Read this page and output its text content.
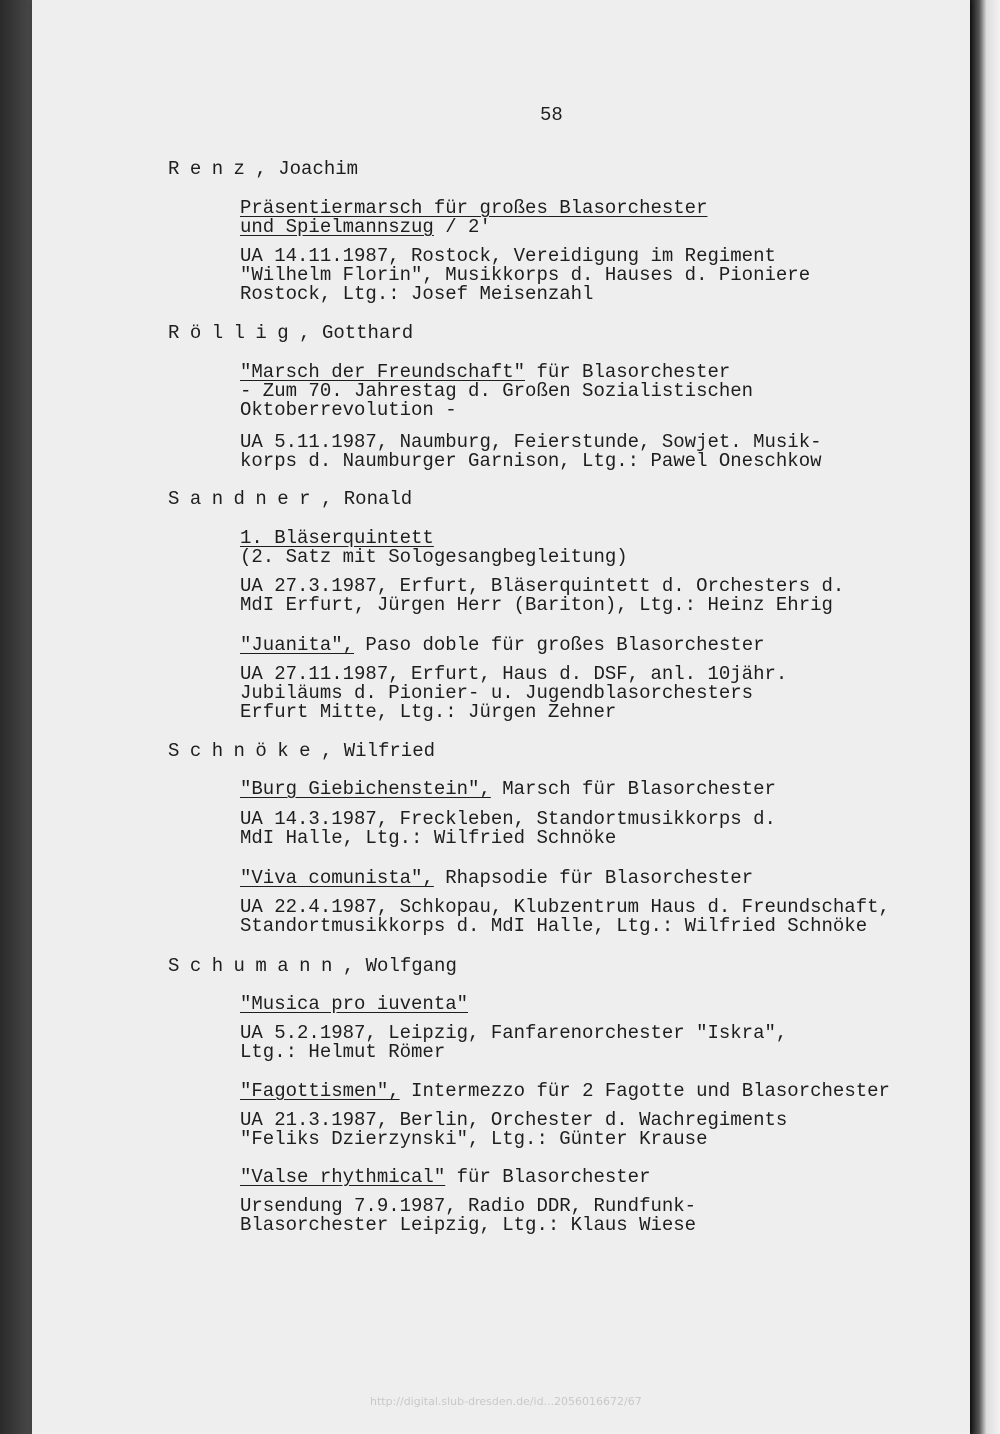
58
Renz, Joachim
Präsentiermarsch für großes Blasorchester
und Spielmannszug / 2'
UA 14.11.1987, Rostock, Vereidigung im Regiment
"Wilhelm Florin", Musikkorps d. Hauses d. Pioniere
Rostock, Ltg.: Josef Meisenzahl
Röllig, Gotthard
"Marsch der Freundschaft" für Blasorchester
- Zum 70. Jahrestag d. Großen Sozialistischen
Oktoberrevolution -
UA 5.11.1987, Naumburg, Feierstunde, Sowjet. Musik-
korps d. Naumburger Garnison, Ltg.: Pawel Oneschkow
Sandner, Ronald
1. Bläserquintett
(2. Satz mit Sologesangbegleitung)
UA 27.3.1987, Erfurt, Bläserquintett d. Orchesters d.
MdI Erfurt, Jürgen Herr (Bariton), Ltg.: Heinz Ehrig
"Juanita", Paso doble für großes Blasorchester
UA 27.11.1987, Erfurt, Haus d. DSF, anl. 10jähr.
Jubiläums d. Pionier- u. Jugendblasorchesters
Erfurt Mitte, Ltg.: Jürgen Zehner
Schnöke, Wilfried
"Burg Giebichenstein", Marsch für Blasorchester
UA 14.3.1987, Freckleben, Standortmusikkorps d.
MdI Halle, Ltg.: Wilfried Schnöke
"Viva comunista", Rhapsodie für Blasorchester
UA 22.4.1987, Schkopau, Klubzentrum Haus d. Freundschaft,
Standortmusikkorps d. MdI Halle, Ltg.: Wilfried Schnöke
Schumann, Wolfgang
"Musica pro iuventa"
UA 5.2.1987, Leipzig, Fanfarenorchester "Iskra",
Ltg.: Helmut Römer
"Fagottismen", Intermezzo für 2 Fagotte und Blasorchester
UA 21.3.1987, Berlin, Orchester d. Wachregiments
"Feliks Dzierzynski", Ltg.: Günter Krause
"Valse rhythmical" für Blasorchester
Ursendung 7.9.1987, Radio DDR, Rundfunk-
Blasorchester Leipzig, Ltg.: Klaus Wiese
http://digital.slub-dresden.de/id...2056016672/67
